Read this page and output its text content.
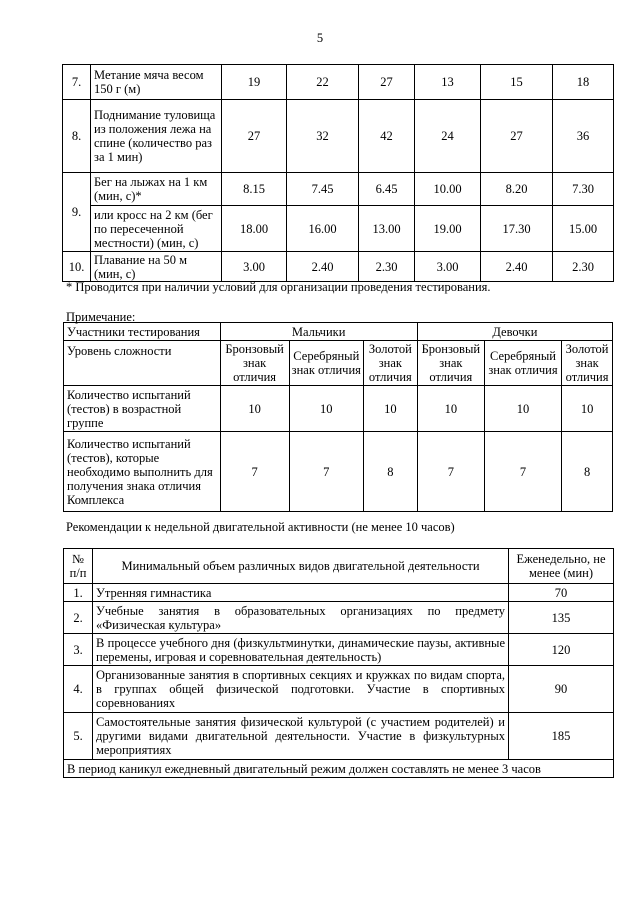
5
7.	Метание мяча весом 150 г (м)	19	22	27	13	15	18
8.	Поднимание туловища из положения лежа на спине (количество раз за 1 мин)	27	32	42	24	27	36
9.	Бег на лыжах на 1 км (мин, с)*	8.15	7.45	6.45	10.00	8.20	7.30
	или кросс на 2 км (бег по пересеченной местности) (мин, с)	18.00	16.00	13.00	19.00	17.30	15.00
10.	Плавание на 50 м (мин, с)	3.00	2.40	2.30	3.00	2.40	2.30
* Проводится при наличии условий для организации проведения тестирования.
Примечание:
Участники тестирования	Мальчики			Девочки		
Уровень сложности	Бронзовый знак отличия	Серебряный знак отличия	Золотой знак отличия	Бронзовый знак отличия	Серебряный знак отличия	Золотой знак отличия
Количество испытаний (тестов) в возрастной группе	10	10	10	10	10	10
Количество испытаний (тестов), которые необходимо выполнить для получения знака отличия Комплекса	7	7	8	7	7	8
Рекомендации к недельной двигательной активности (не менее 10 часов)
№ п/п	Минимальный объем различных видов двигательной деятельности	Еженедельно, не менее (мин)
1.	Утренняя гимнастика	70
2.	Учебные занятия в образовательных организациях по предмету «Физическая культура»	135
3.	В процессе учебного дня (физкультминутки, динамические паузы, активные перемены, игровая и соревновательная деятельность)	120
4.	Организованные занятия в спортивных секциях и кружках по видам спорта, в группах общей физической подготовки. Участие в спортивных соревнованиях	90
5.	Самостоятельные занятия физической культурой (с участием родителей) и другими видами двигательной деятельности. Участие в физкультурных мероприятиях	185
В период каникул ежедневный двигательный режим должен составлять не менее 3 часов		
